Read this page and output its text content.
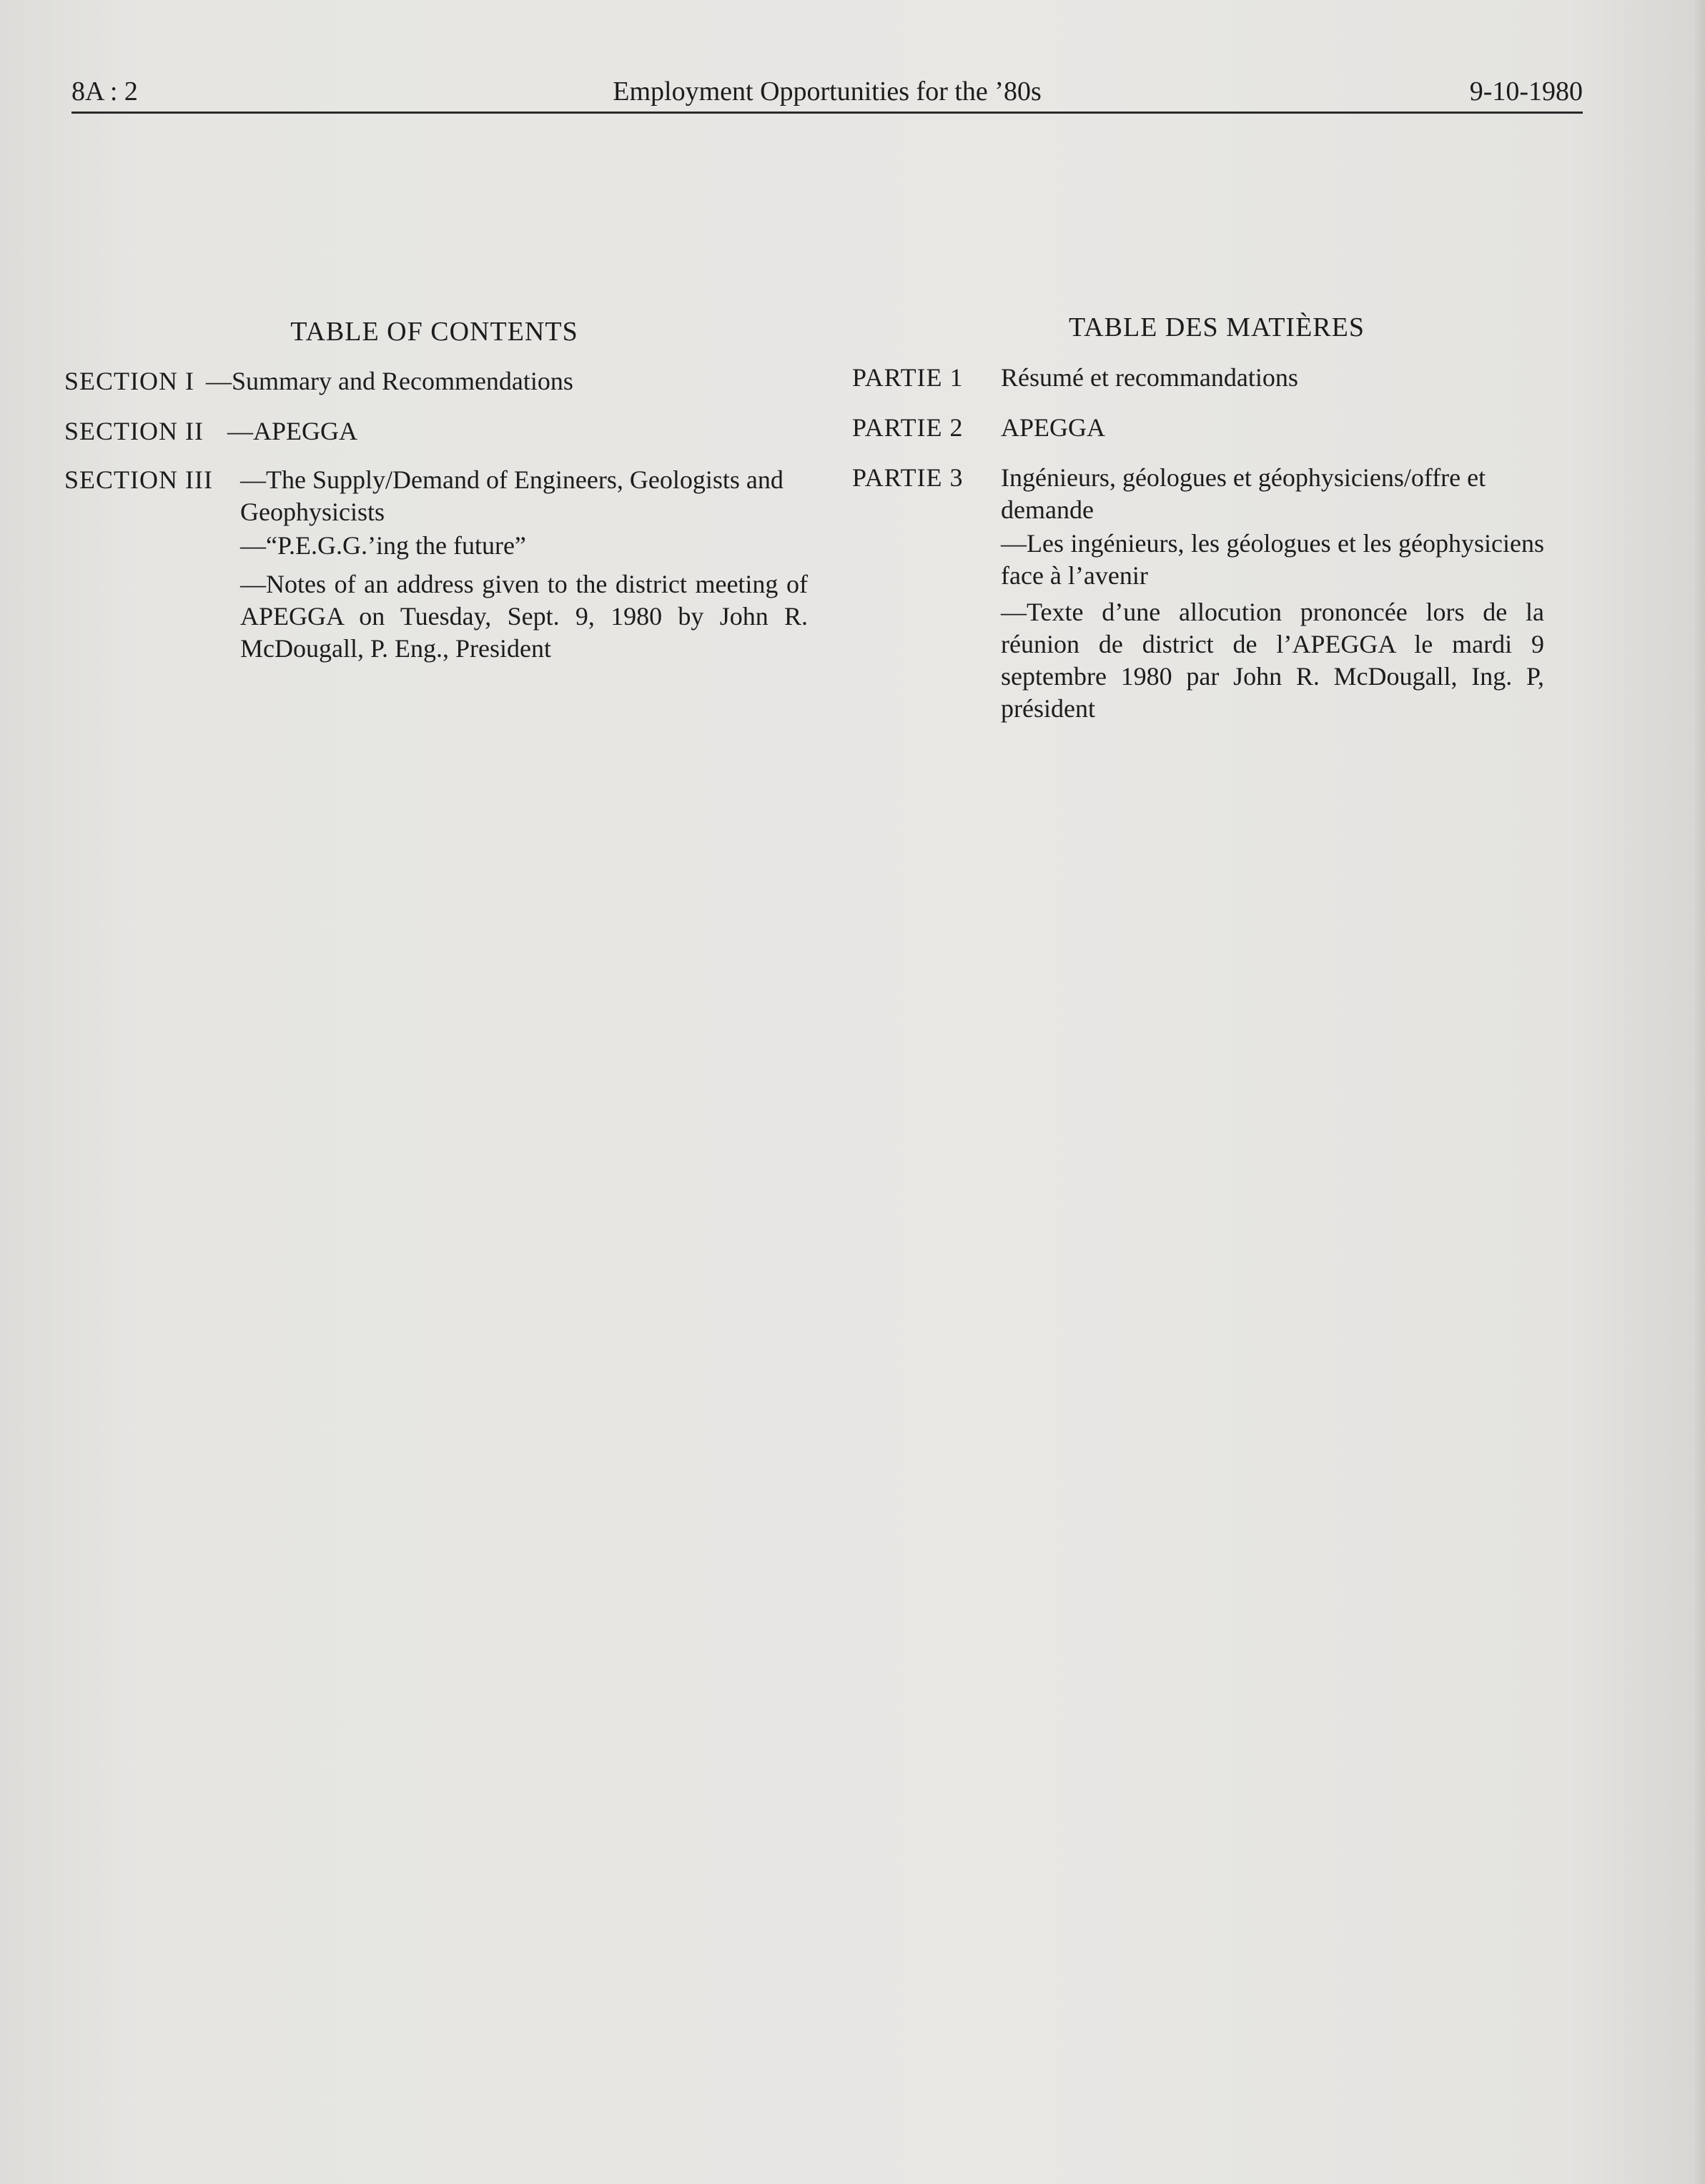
8A : 2	Employment Opportunities for the ’80s	9-10-1980
TABLE OF CONTENTS
SECTION I —Summary and Recommendations
SECTION II —APEGGA
SECTION III —The Supply/Demand of Engineers, Geologists and Geophysicists
—“P.E.G.G.’ing the future”
—Notes of an address given to the district meeting of APEGGA on Tuesday, Sept. 9, 1980 by John R. McDougall, P. Eng., President
TABLE DES MATIÈRES
PARTIE 1 Résumé et recommandations
PARTIE 2 APEGGA
PARTIE 3 Ingénieurs, géologues et géophysiciens/offre et demande
—Les ingénieurs, les géologues et les géophysiciens face à l’avenir
—Texte d’une allocution prononcée lors de la réunion de district de l’APEGGA le mardi 9 septembre 1980 par John R. McDougall, Ing. P, président
